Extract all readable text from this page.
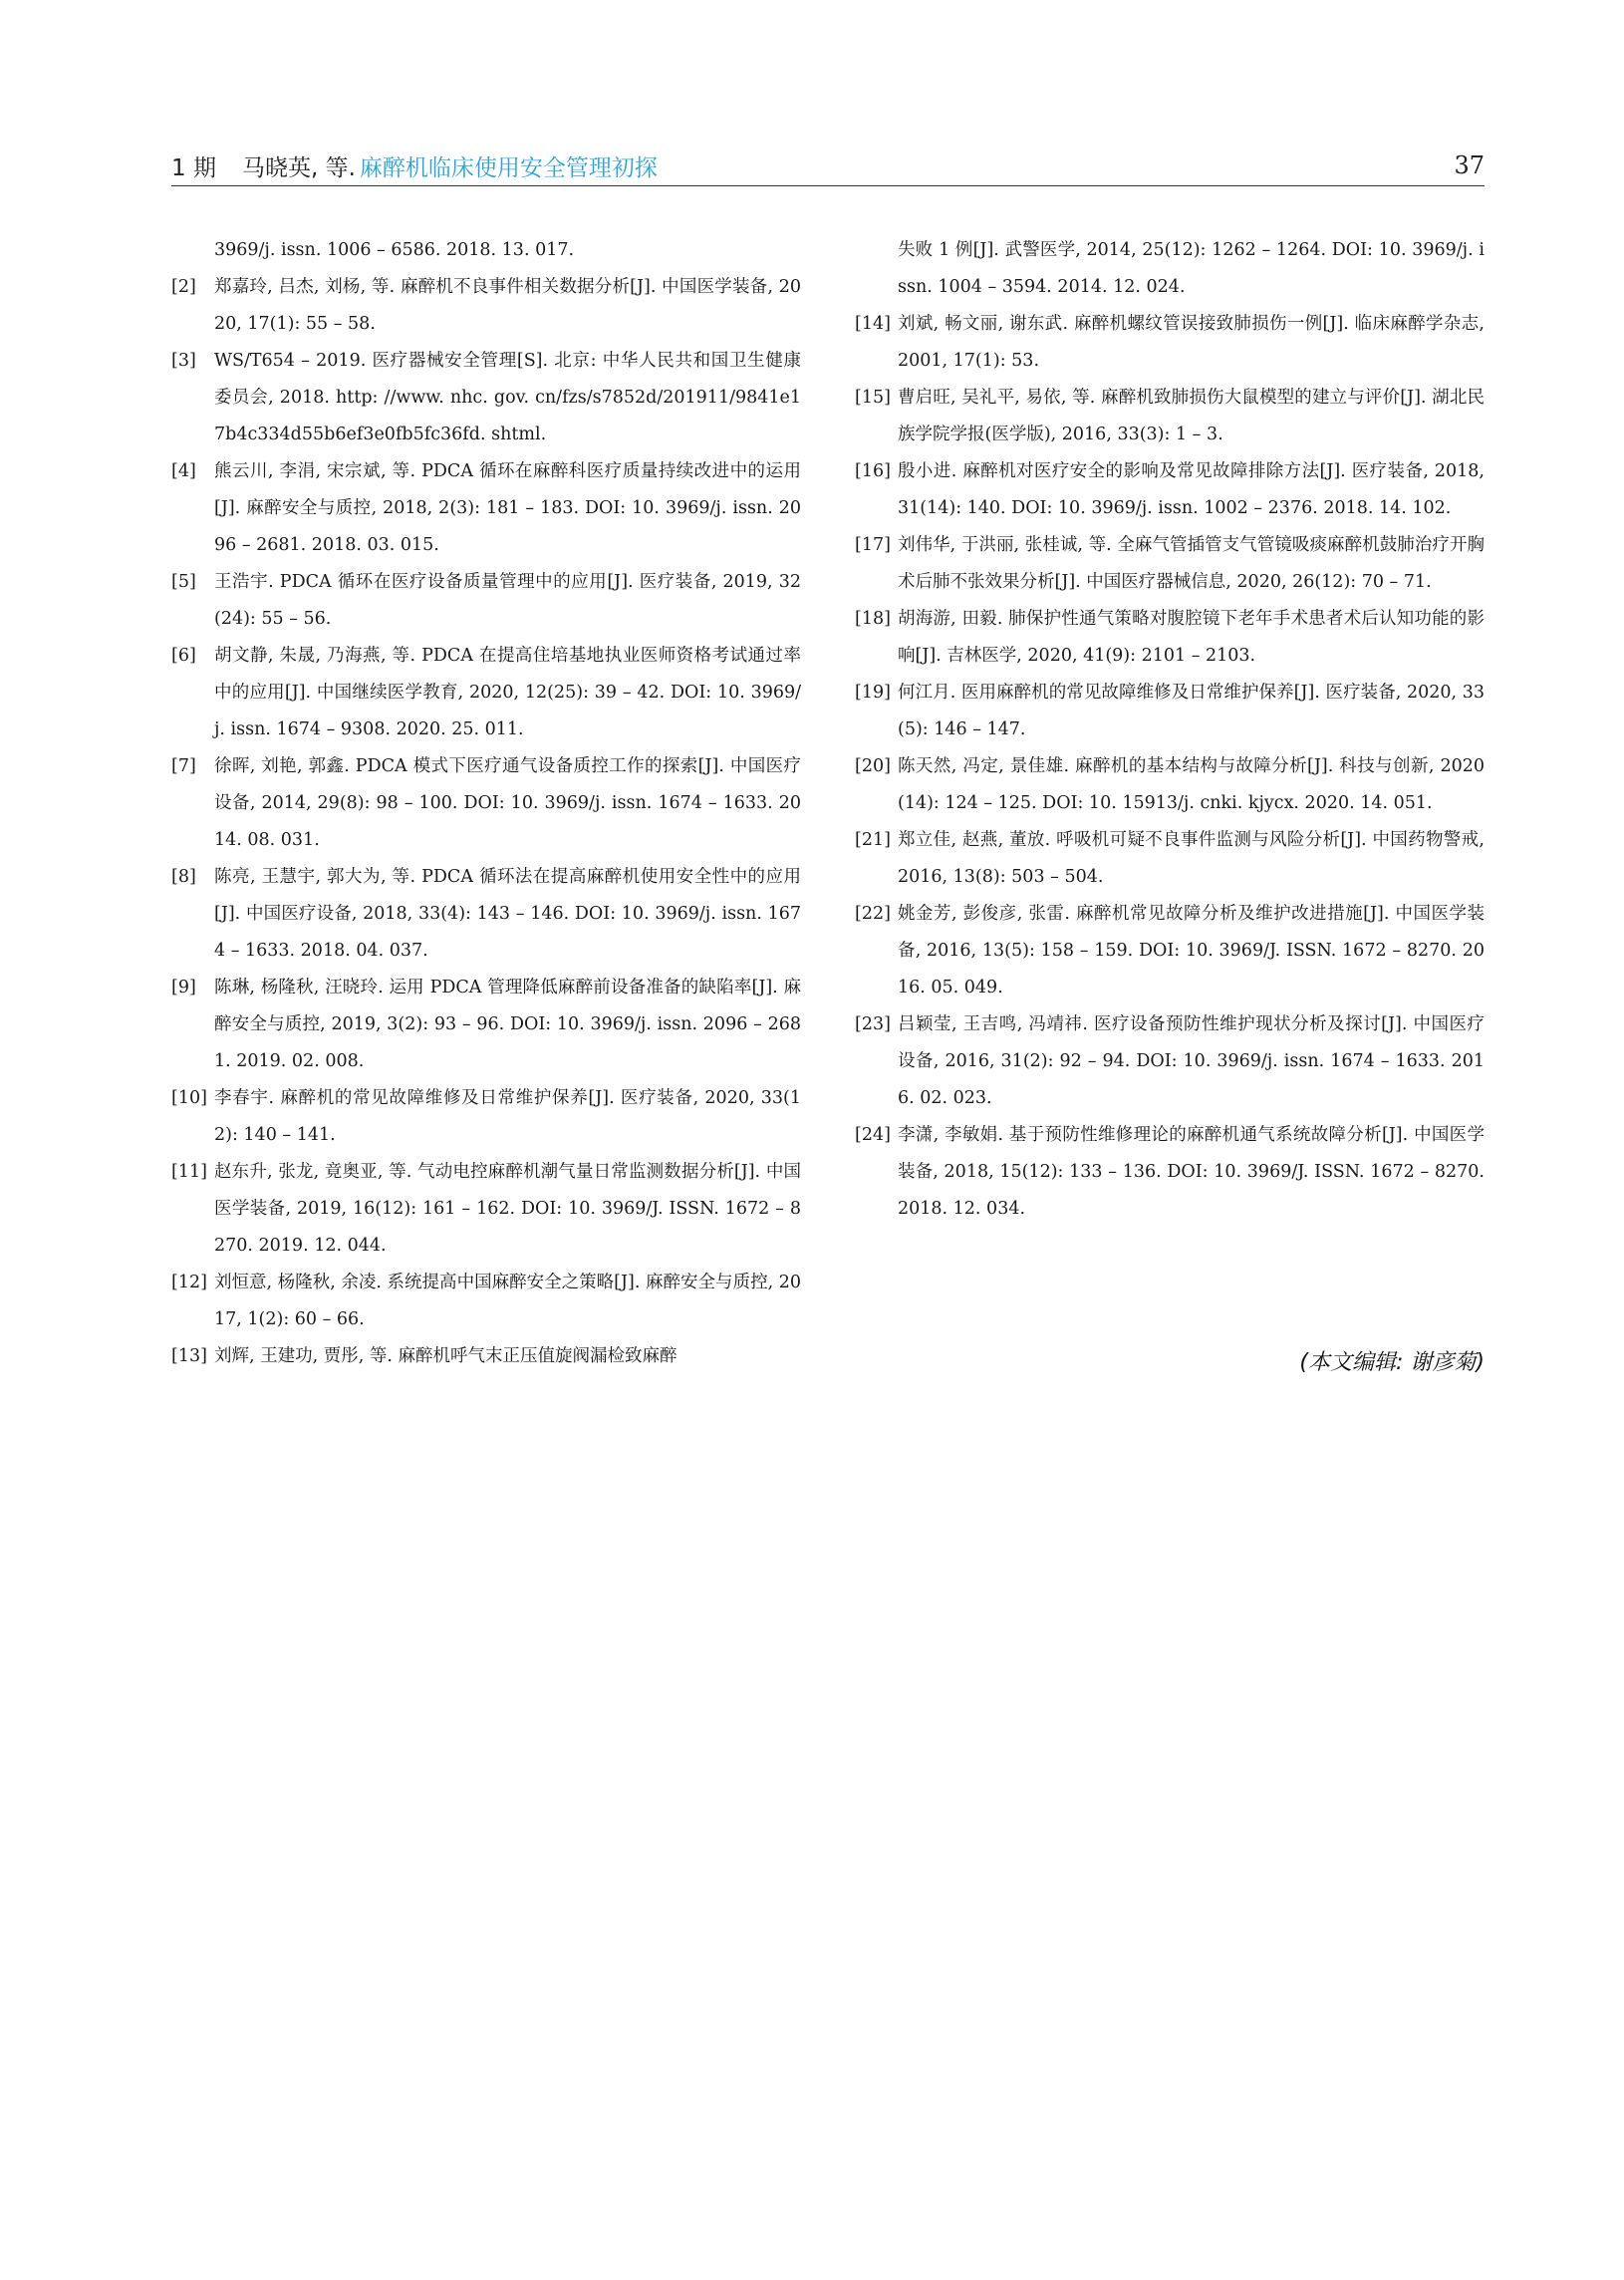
1 期 马晓英, 等. 麻醉机临床使用安全管理初探	37
3969/j. issn. 1006 – 6586. 2018. 13. 017.
[2] 郑嘉玲, 吕杰, 刘杨, 等. 麻醉机不良事件相关数据分析[J]. 中国医学装备, 2020, 17(1): 55 – 58.
[3] WS/T654 – 2019. 医疗器械安全管理[S]. 北京: 中华人民共和国卫生健康委员会, 2018. http: //www. nhc. gov. cn/fzs/s7852d/201911/9841e17b4c334d55b6ef3e0fb5fc36fd. shtml.
[4] 熊云川, 李涓, 宋宗斌, 等. PDCA 循环在麻醉科医疗质量持续改进中的运用[J]. 麻醉安全与质控, 2018, 2(3): 181 – 183. DOI: 10. 3969/j. issn. 2096 – 2681. 2018. 03. 015.
[5] 王浩宇. PDCA 循环在医疗设备质量管理中的应用[J]. 医疗装备, 2019, 32(24): 55 – 56.
[6] 胡文静, 朱晟, 乃海燕, 等. PDCA 在提高住培基地执业医师资格考试通过率中的应用[J]. 中国继续医学教育, 2020, 12(25): 39 – 42. DOI: 10. 3969/j. issn. 1674 – 9308. 2020. 25. 011.
[7] 徐晖, 刘艳, 郭鑫. PDCA 模式下医疗通气设备质控工作的探索[J]. 中国医疗设备, 2014, 29(8): 98 – 100. DOI: 10. 3969/j. issn. 1674 – 1633. 2014. 08. 031.
[8] 陈亮, 王慧宇, 郭大为, 等. PDCA 循环法在提高麻醉机使用安全性中的应用[J]. 中国医疗设备, 2018, 33(4): 143 – 146. DOI: 10. 3969/j. issn. 1674 – 1633. 2018. 04. 037.
[9] 陈琳, 杨隆秋, 汪晓玲. 运用 PDCA 管理降低麻醉前设备准备的缺陷率[J]. 麻醉安全与质控, 2019, 3(2): 93 – 96. DOI: 10. 3969/j. issn. 2096 – 2681. 2019. 02. 008.
[10] 李春宇. 麻醉机的常见故障维修及日常维护保养[J]. 医疗装备, 2020, 33(12): 140 – 141.
[11] 赵东升, 张龙, 竟奥亚, 等. 气动电控麻醉机潮气量日常监测数据分析[J]. 中国医学装备, 2019, 16(12): 161 – 162. DOI: 10. 3969/J. ISSN. 1672 – 8270. 2019. 12. 044.
[12] 刘恒意, 杨隆秋, 余凌. 系统提高中国麻醉安全之策略[J]. 麻醉安全与质控, 2017, 1(2): 60 – 66.
[13] 刘辉, 王建功, 贾彤, 等. 麻醉机呼气末正压值旋阀漏检致麻醉
失败 1 例[J]. 武警医学, 2014, 25(12): 1262 – 1264. DOI: 10. 3969/j. issn. 1004 – 3594. 2014. 12. 024.
[14] 刘斌, 畅文丽, 谢东武. 麻醉机螺纹管误接致肺损伤一例[J]. 临床麻醉学杂志, 2001, 17(1): 53.
[15] 曹启旺, 吴礼平, 易依, 等. 麻醉机致肺损伤大鼠模型的建立与评价[J]. 湖北民族学院学报(医学版), 2016, 33(3): 1 – 3.
[16] 殷小进. 麻醉机对医疗安全的影响及常见故障排除方法[J]. 医疗装备, 2018, 31(14): 140. DOI: 10. 3969/j. issn. 1002 – 2376. 2018. 14. 102.
[17] 刘伟华, 于洪丽, 张桂诚, 等. 全麻气管插管支气管镜吸痰麻醉机鼓肺治疗开胸术后肺不张效果分析[J]. 中国医疗器械信息, 2020, 26(12): 70 – 71.
[18] 胡海游, 田毅. 肺保护性通气策略对腹腔镜下老年手术患者术后认知功能的影响[J]. 吉林医学, 2020, 41(9): 2101 – 2103.
[19] 何江月. 医用麻醉机的常见故障维修及日常维护保养[J]. 医疗装备, 2020, 33(5): 146 – 147.
[20] 陈天然, 冯定, 景佳雄. 麻醉机的基本结构与故障分析[J]. 科技与创新, 2020(14): 124 – 125. DOI: 10. 15913/j. cnki. kjycx. 2020. 14. 051.
[21] 郑立佳, 赵燕, 董放. 呼吸机可疑不良事件监测与风险分析[J]. 中国药物警戒, 2016, 13(8): 503 – 504.
[22] 姚金芳, 彭俊彦, 张雷. 麻醉机常见故障分析及维护改进措施[J]. 中国医学装备, 2016, 13(5): 158 – 159. DOI: 10. 3969/J. ISSN. 1672 – 8270. 2016. 05. 049.
[23] 吕颖莹, 王吉鸣, 冯靖祎. 医疗设备预防性维护现状分析及探讨[J]. 中国医疗设备, 2016, 31(2): 92 – 94. DOI: 10. 3969/j. issn. 1674 – 1633. 2016. 02. 023.
[24] 李潇, 李敏娟. 基于预防性维修理论的麻醉机通气系统故障分析[J]. 中国医学装备, 2018, 15(12): 133 – 136. DOI: 10. 3969/J. ISSN. 1672 – 8270. 2018. 12. 034.
(本文编辑: 谢彦菊)
